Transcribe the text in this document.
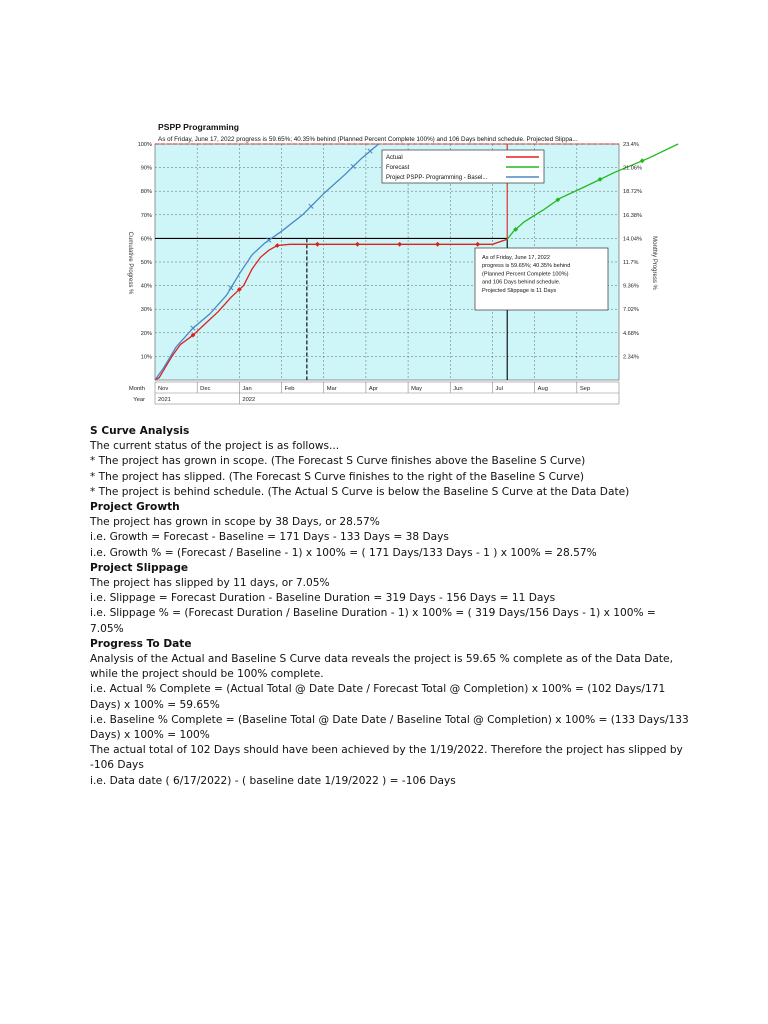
10%
20%
30%
40%
50%
60%
70%
80%
90%
100%
2.34%
4.68%
7.02%
9.36%
11.7%
14.04%
16.38%
18.72%
21.06%
23.4%
Month
Year
Nov	Dec	Jan	Feb	Mar	Apr	May	Jun	Jul	Aug	Sep
2021	2022
PSPP Programming
As of Friday, June 17, 2022 progress is 59.65%; 40.35% behind (Planned Percent Complete 100%) and 106 Days behind schedule. Projected Slippa...
Cumulative Progress %	Monthly Progress %
Actual
Forecast
Project PSPP- Programming - Basel...
As of Friday, June 17, 2022 progress is 59.65%; 40.35% behind (Planned Percent Complete 100%) and 106 Days behind schedule. Projected Slippage is 11 Days

S Curve Analysis

The current status of the project is as follows...

* The project has grown in scope. (The Forecast S Curve finishes above the Baseline S Curve)

* The project has slipped. (The Forecast S Curve finishes to the right of the Baseline S Curve)

* The project is behind schedule. (The Actual S Curve is below the Baseline S Curve at the Data Date)

Project Growth

The project has grown in scope by 38 Days, or 28.57%

i.e. Growth = Forecast - Baseline = 171 Days - 133 Days = 38 Days

i.e. Growth % = (Forecast / Baseline - 1) x 100% = ( 171 Days/133 Days - 1 ) x 100% = 28.57%

Project Slippage

The project has slipped by 11 days, or 7.05%

i.e. Slippage = Forecast Duration - Baseline Duration = 319 Days - 156 Days = 11 Days

i.e. Slippage % = (Forecast Duration / Baseline Duration - 1) x 100% = ( 319 Days/156 Days - 1) x 100% = 7.05%

Progress To Date

Analysis of the Actual and Baseline S Curve data reveals the project is 59.65 % complete as of the Data Date, while the project should be 100% complete.

i.e. Actual % Complete = (Actual Total @ Date Date / Forecast Total @ Completion) x 100% = (102 Days/171 Days) x 100% = 59.65%

i.e. Baseline % Complete = (Baseline Total @ Date Date / Baseline Total @ Completion) x 100% = (133 Days/133 Days) x 100% = 100%

The actual total of 102 Days should have been achieved by the 1/19/2022. Therefore the project has slipped by -106 Days

i.e. Data date ( 6/17/2022) - ( baseline date 1/19/2022 ) = -106 Days
